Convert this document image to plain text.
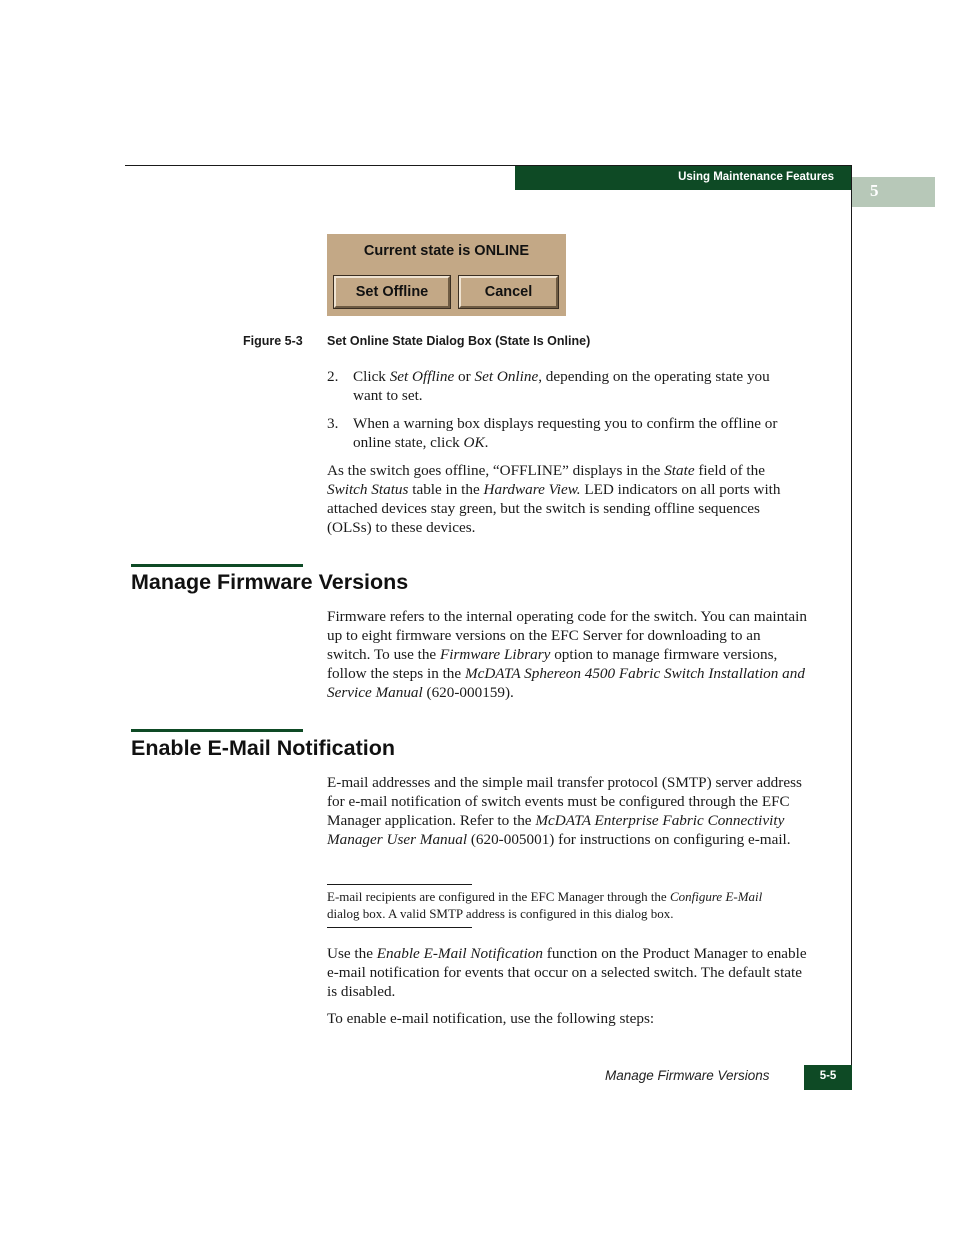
Using Maintenance Features
5
Current state is ONLINE
Set Offline	Cancel
Figure 5-3 Set Online State Dialog Box (State Is Online)
2. Click Set Offline or Set Online, depending on the operating state you want to set.

3. When a warning box displays requesting you to confirm the offline or online state, click OK.

As the switch goes offline, “OFFLINE” displays in the State field of the Switch Status table in the Hardware View. LED indicators on all ports with attached devices stay green, but the switch is sending offline sequences (OLSs) to these devices.

Manage Firmware Versions

Firmware refers to the internal operating code for the switch. You can maintain up to eight firmware versions on the EFC Server for downloading to an switch. To use the Firmware Library option to manage firmware versions, follow the steps in the McDATA Sphereon 4500 Fabric Switch Installation and Service Manual (620-000159).

Enable E-Mail Notification

E-mail addresses and the simple mail transfer protocol (SMTP) server address for e-mail notification of switch events must be configured through the EFC Manager application. Refer to the McDATA Enterprise Fabric Connectivity Manager User Manual (620-005001) for instructions on configuring e-mail.

E-mail recipients are configured in the EFC Manager through the Configure E-Mail dialog box. A valid SMTP address is configured in this dialog box.

Use the Enable E-Mail Notification function on the Product Manager to enable e-mail notification for events that occur on a selected switch. The default state is disabled.

To enable e-mail notification, use the following steps:

Manage Firmware Versions	5-5
